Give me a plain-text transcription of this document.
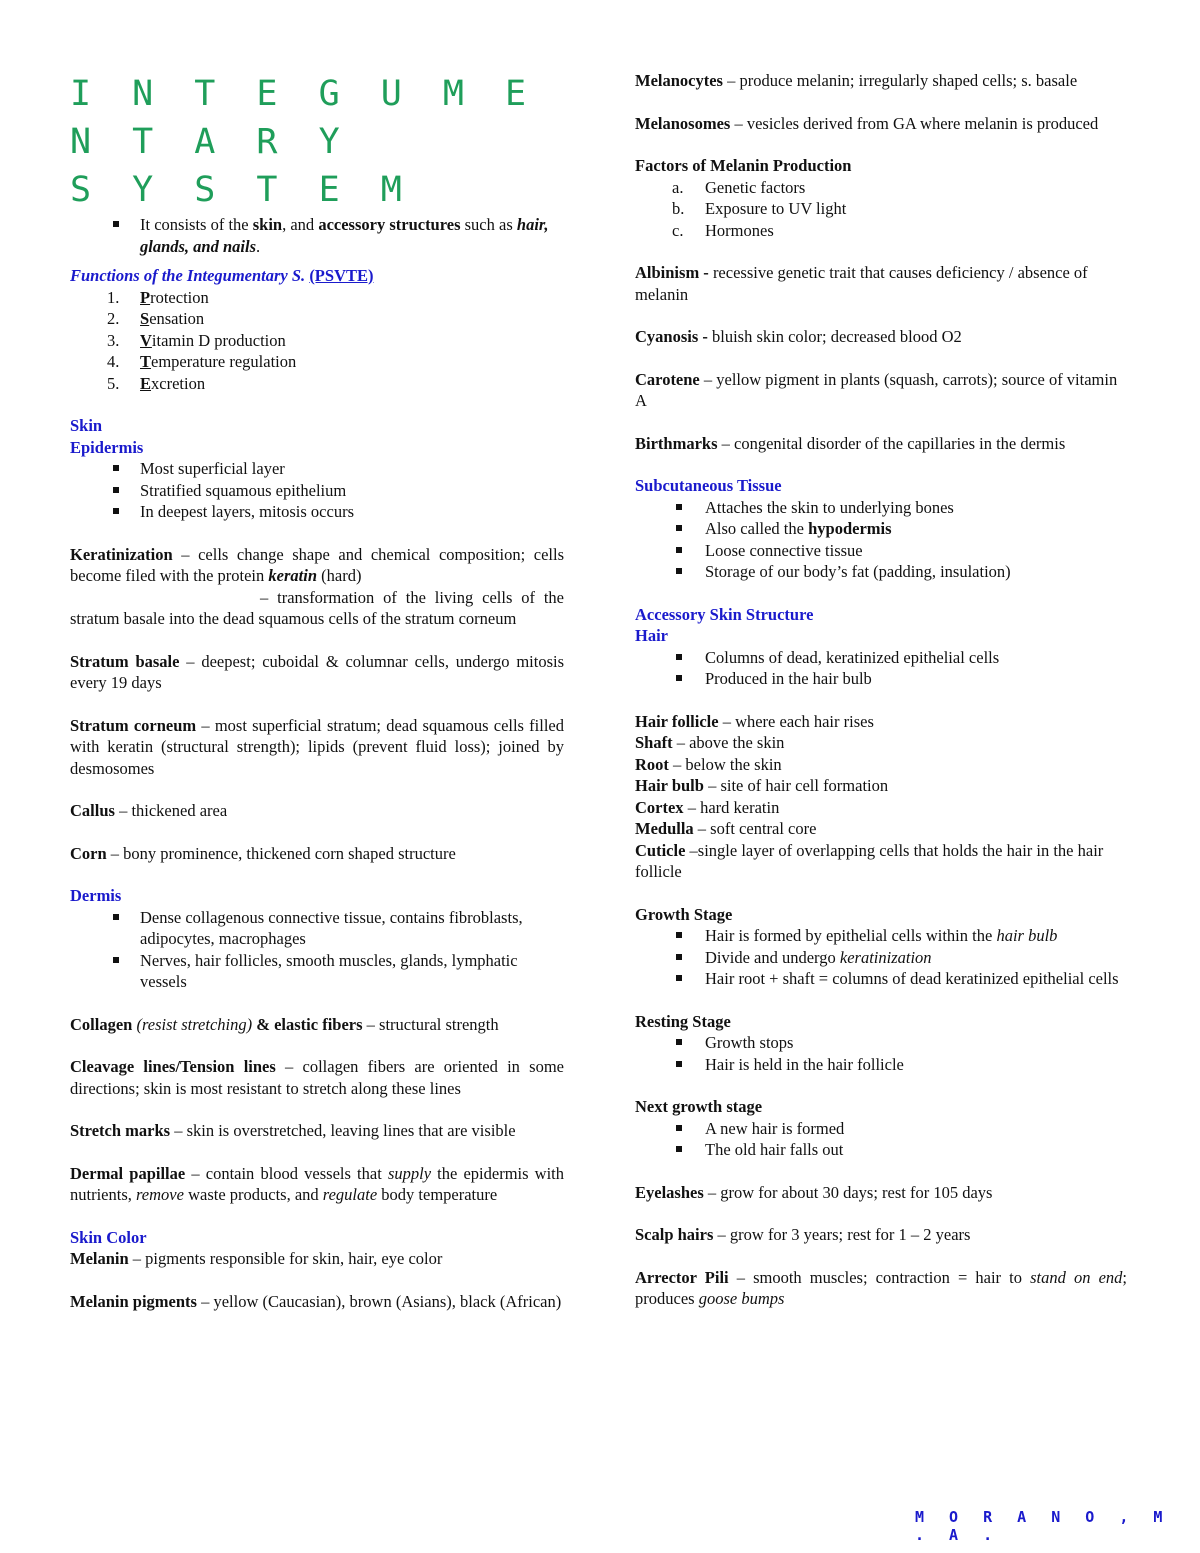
I N T E G U M E N T A R Y
S Y S T E M
It consists of the skin, and accessory structures such as hair, glands, and nails.

Functions of the Integumentary S. (PSVTE)

1. Protection
2. Sensation
3. Vitamin D production
4. Temperature regulation
5. Excretion

Skin

Epidermis

Most superficial layer
Stratified squamous epithelium
In deepest layers, mitosis occurs

Keratinization – cells change shape and chemical composition; cells become filed with the protein keratin (hard)

– transformation of the living cells of the stratum basale into the dead squamous cells of the stratum corneum

Stratum basale – deepest; cuboidal & columnar cells, undergo mitosis every 19 days

Stratum corneum – most superficial stratum; dead squamous cells filled with keratin (structural strength); lipids (prevent fluid loss); joined by desmosomes

Callus – thickened area

Corn – bony prominence, thickened corn shaped structure

Dermis

Dense collagenous connective tissue, contains fibroblasts, adipocytes, macrophages
Nerves, hair follicles, smooth muscles, glands, lymphatic vessels

Collagen (resist stretching) & elastic fibers – structural strength

Cleavage lines/Tension lines – collagen fibers are oriented in some directions; skin is most resistant to stretch along these lines

Stretch marks – skin is overstretched, leaving lines that are visible

Dermal papillae – contain blood vessels that supply the epidermis with nutrients, remove waste products, and regulate body temperature

Skin Color

Melanin – pigments responsible for skin, hair, eye color

Melanin pigments – yellow (Caucasian), brown (Asians), black (African)

Melanocytes – produce melanin; irregularly shaped cells; s. basale

Melanosomes – vesicles derived from GA where melanin is produced

Factors of Melanin Production

a. Genetic factors
b. Exposure to UV light
c. Hormones

Albinism - recessive genetic trait that causes deficiency / absence of melanin

Cyanosis - bluish skin color; decreased blood O2

Carotene – yellow pigment in plants (squash, carrots); source of vitamin A

Birthmarks – congenital disorder of the capillaries in the dermis

Subcutaneous Tissue

Attaches the skin to underlying bones
Also called the hypodermis
Loose connective tissue
Storage of our body’s fat (padding, insulation)

Accessory Skin Structure

Hair

Columns of dead, keratinized epithelial cells
Produced in the hair bulb

Hair follicle – where each hair rises

Shaft – above the skin

Root – below the skin

Hair bulb – site of hair cell formation

Cortex – hard keratin

Medulla – soft central core

Cuticle –single layer of overlapping cells that holds the hair in the hair follicle

Growth Stage

Hair is formed by epithelial cells within the hair bulb
Divide and undergo keratinization
Hair root + shaft = columns of dead keratinized epithelial cells

Resting Stage

Growth stops
Hair is held in the hair follicle

Next growth stage

A new hair is formed
The old hair falls out

Eyelashes – grow for about 30 days; rest for 105 days

Scalp hairs – grow for 3 years; rest for 1 – 2 years

Arrector Pili – smooth muscles; contraction = hair to stand on end; produces goose bumps

M O R A N O , M . A .
